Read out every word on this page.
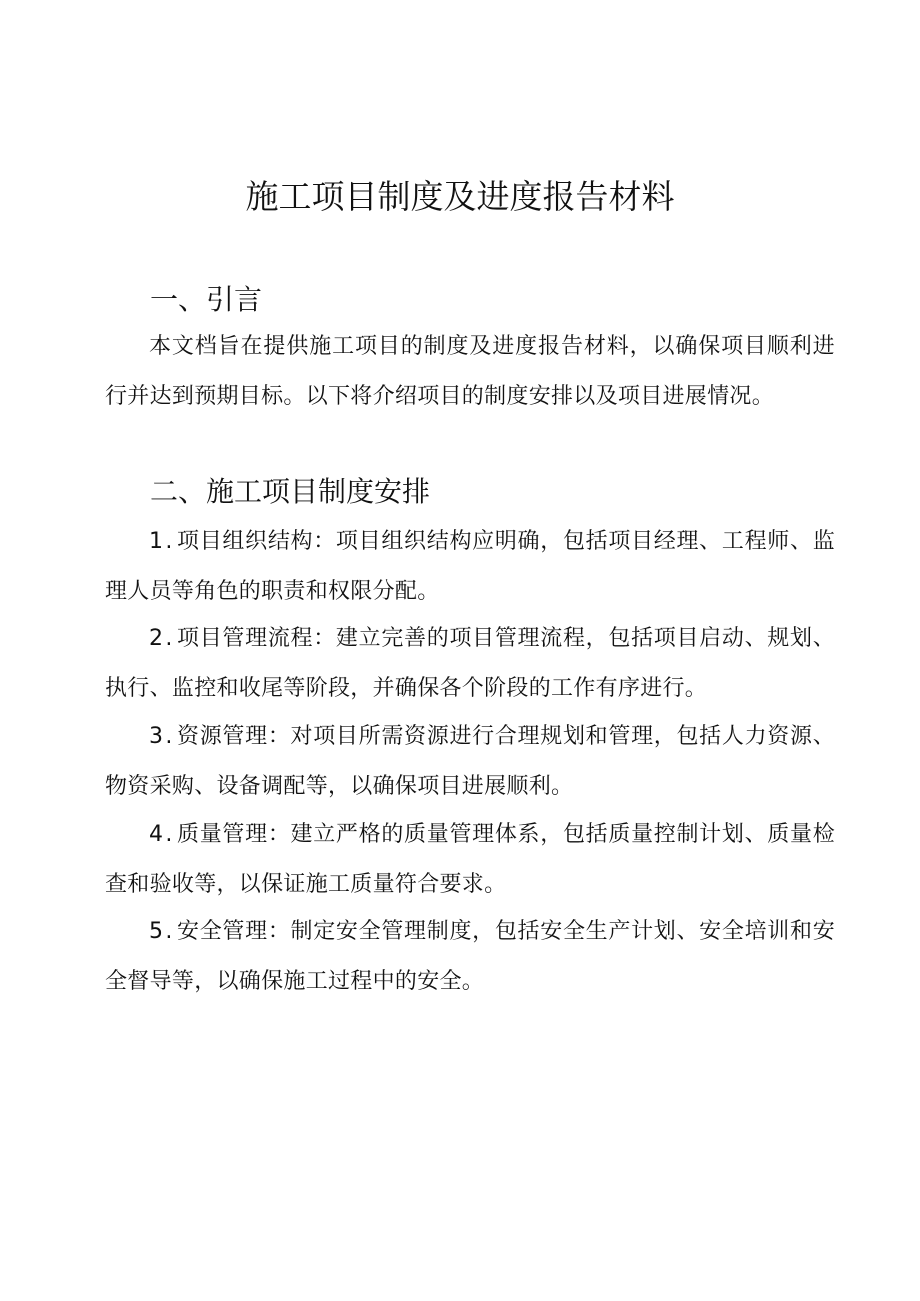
施工项目制度及进度报告材料
一、引言

本文档旨在提供施工项目的制度及进度报告材料，以确保项目顺利进行并达到预期目标。以下将介绍项目的制度安排以及项目进展情况。

二、施工项目制度安排

1. 项目组织结构：项目组织结构应明确，包括项目经理、工程师、监理人员等角色的职责和权限分配。

2. 项目管理流程：建立完善的项目管理流程，包括项目启动、规划、执行、监控和收尾等阶段，并确保各个阶段的工作有序进行。

3. 资源管理：对项目所需资源进行合理规划和管理，包括人力资源、物资采购、设备调配等，以确保项目进展顺利。

4. 质量管理：建立严格的质量管理体系，包括质量控制计划、质量检查和验收等，以保证施工质量符合要求。

5. 安全管理：制定安全管理制度，包括安全生产计划、安全培训和安全督导等，以确保施工过程中的安全。
